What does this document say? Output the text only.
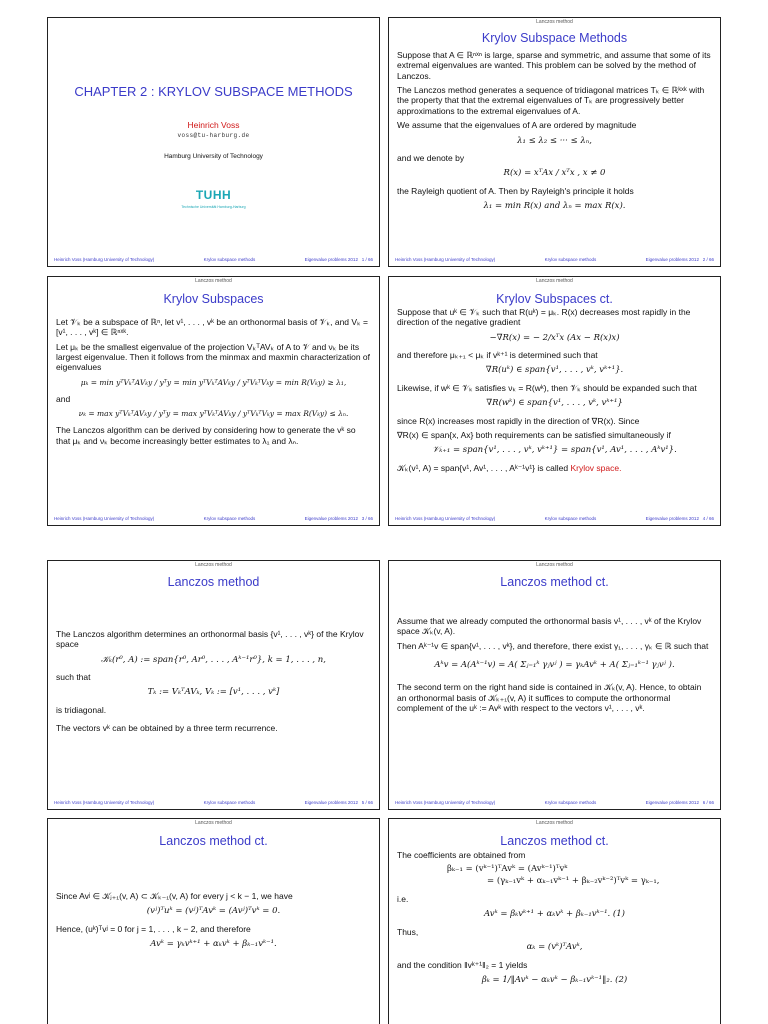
CHAPTER 2 : KRYLOV SUBSPACE METHODS
Heinrich Voss
voss@tu-harburg.de
Hamburg University of Technology
TUHH
Technische Universität Hamburg-Harburg
Heinrich Voss (Hamburg University of Technology)	Krylov subspace methods	Eigenvalue problems 2012 1 / 66
Lanczos method
Krylov Subspace Methods

Suppose that A ∈ ℝⁿˣⁿ is large, sparse and symmetric, and assume that some of its extremal eigenvalues are wanted. This problem can be solved by the method of Lanczos.

The Lanczos method generates a sequence of tridiagonal matrices Tₖ ∈ ℝᵏˣᵏ with the property that that the extremal eigenvalues of Tₖ are progressively better approximations to the extremal eigenvalues of A.

We assume that the eigenvalues of A are ordered by magnitude

λ₁ ≤ λ₂ ≤ ··· ≤ λₙ,

and we denote by

R(x) = xᵀAx / xᵀx , x ≠ 0

the Rayleigh quotient of A. Then by Rayleigh's principle it holds

λ₁ = min R(x) and λₙ = max R(x).
Heinrich Voss (Hamburg University of Technology)	Krylov subspace methods	Eigenvalue problems 2012 2 / 66
Lanczos method
Krylov Subspaces

Let 𝒱ₖ be a subspace of ℝⁿ, let v¹, . . . , vᵏ be an orthonormal basis of 𝒱ₖ, and Vₖ = [v¹, . . . , vᵏ] ∈ ℝⁿˣᵏ.

Let μₖ be the smallest eigenvalue of the projection VₖᵀAVₖ of A to 𝒱 and νₖ be its largest eigenvalue. Then it follows from the minmax and maxmin characterization of eigenvalues

μₖ = min yᵀVₖᵀAVₖy / yᵀy = min yᵀVₖᵀAVₖy / yᵀVₖᵀVₖy = min R(Vₖy) ≥ λ₁,

and

νₖ = max yᵀVₖᵀAVₖy / yᵀy = max yᵀVₖᵀAVₖy / yᵀVₖᵀVₖy = max R(Vₖy) ≤ λₙ.

The Lanczos algorithm can be derived by considering how to generate the vᵏ so that μₖ and νₖ become increasingly better estimates to λ₁ and λₙ.

Heinrich Voss (Hamburg University of Technology)	Krylov subspace methods	Eigenvalue problems 2012 3 / 66
Lanczos method
Krylov Subspaces ct.

Suppose that uᵏ ∈ 𝒱ₖ such that R(uᵏ) = μₖ. R(x) decreases most rapidly in the direction of the negative gradient

−∇R(x) = − 2/xᵀx (Ax − R(x)x)

and therefore μₖ₊₁ < μₖ if vᵏ⁺¹ is determined such that

∇R(uᵏ) ∈ span{v¹, . . . , vᵏ, vᵏ⁺¹}.

Likewise, if wᵏ ∈ 𝒱ₖ satisfies νₖ = R(wᵏ), then 𝒱ₖ should be expanded such that

∇R(wᵏ) ∈ span{v¹, . . . , vᵏ, vᵏ⁺¹}

since R(x) increases most rapidly in the direction of ∇R(x). Since

∇R(x) ∈ span{x, Ax} both requirements can be satisfied simultaneously if

𝒱ₖ₊₁ = span{v¹, . . . , vᵏ, vᵏ⁺¹} = span{v¹, Av¹, . . . , Aᵏv¹}.

𝒦ₖ(v¹, A) = span{v¹, Av¹, . . . , Aᵏ⁻¹v¹} is called Krylov space.

Heinrich Voss (Hamburg University of Technology)	Krylov subspace methods	Eigenvalue problems 2012 4 / 66
Lanczos method
Lanczos method

The Lanczos algorithm determines an orthonormal basis {v¹, . . . , vᵏ} of the Krylov space

𝒦ₖ(r⁰, A) := span{r⁰, Ar⁰, . . . , Aᵏ⁻¹r⁰}, k = 1, . . . , n,

such that

Tₖ := VₖᵀAVₖ, Vₖ := [v¹, . . . , vᵏ]

is tridiagonal.

The vectors vᵏ can be obtained by a three term recurrence.

Heinrich Voss (Hamburg University of Technology)	Krylov subspace methods	Eigenvalue problems 2012 5 / 66
Lanczos method
Lanczos method ct.

Assume that we already computed the orthonormal basis v¹, . . . , vᵏ of the Krylov space 𝒦ₖ(v, A).

Then Aᵏ⁻¹v ∈ span{v¹, . . . , vᵏ}, and therefore, there exist γ₁, . . . , γₖ ∈ ℝ such that

Aᵏv = A(Aᵏ⁻¹v) = A( Σⱼ₌₁ᵏ γⱼvʲ ) = γₖAvᵏ + A( Σⱼ₌₁ᵏ⁻¹ γⱼvʲ ).

The second term on the right hand side is contained in 𝒦ₖ(v, A). Hence, to obtain an orthonormal basis of 𝒦ₖ₊₁(v, A) it suffices to compute the orthonormal complement of the uᵏ := Avᵏ with respect to the vectors v¹, . . . , vᵏ.

Heinrich Voss (Hamburg University of Technology)	Krylov subspace methods	Eigenvalue problems 2012 6 / 66
Lanczos method
Lanczos method ct.

Since Avʲ ∈ 𝒦ⱼ₊₁(v, A) ⊂ 𝒦ₖ₋₁(v, A) for every j < k − 1, we have

(vʲ)ᵀuᵏ = (vʲ)ᵀAvᵏ = (Avʲ)ᵀvᵏ = 0.

Hence, (uᵏ)ᵀvʲ = 0 for j = 1, . . . , k − 2, and therefore

Avᵏ = γₖvᵏ⁺¹ + αₖvᵏ + βₖ₋₁vᵏ⁻¹.
Lanczos method
Lanczos method ct.

The coefficients are obtained from

βₖ₋₁ = (vᵏ⁻¹)ᵀAvᵏ = (Avᵏ⁻¹)ᵀvᵏ
= (γₖ₋₁vᵏ + αₖ₋₁vᵏ⁻¹ + βₖ₋₂vᵏ⁻²)ᵀvᵏ = γₖ₋₁,

i.e.

Avᵏ = βₖvᵏ⁺¹ + αₖvᵏ + βₖ₋₁vᵏ⁻¹. (1)

Thus,

αₖ = (vᵏ)ᵀAvᵏ,

and the condition ‖vᵏ⁺¹‖₂ = 1 yields

βₖ = 1/‖Avᵏ − αₖvᵏ − βₖ₋₁vᵏ⁻¹‖₂. (2)
